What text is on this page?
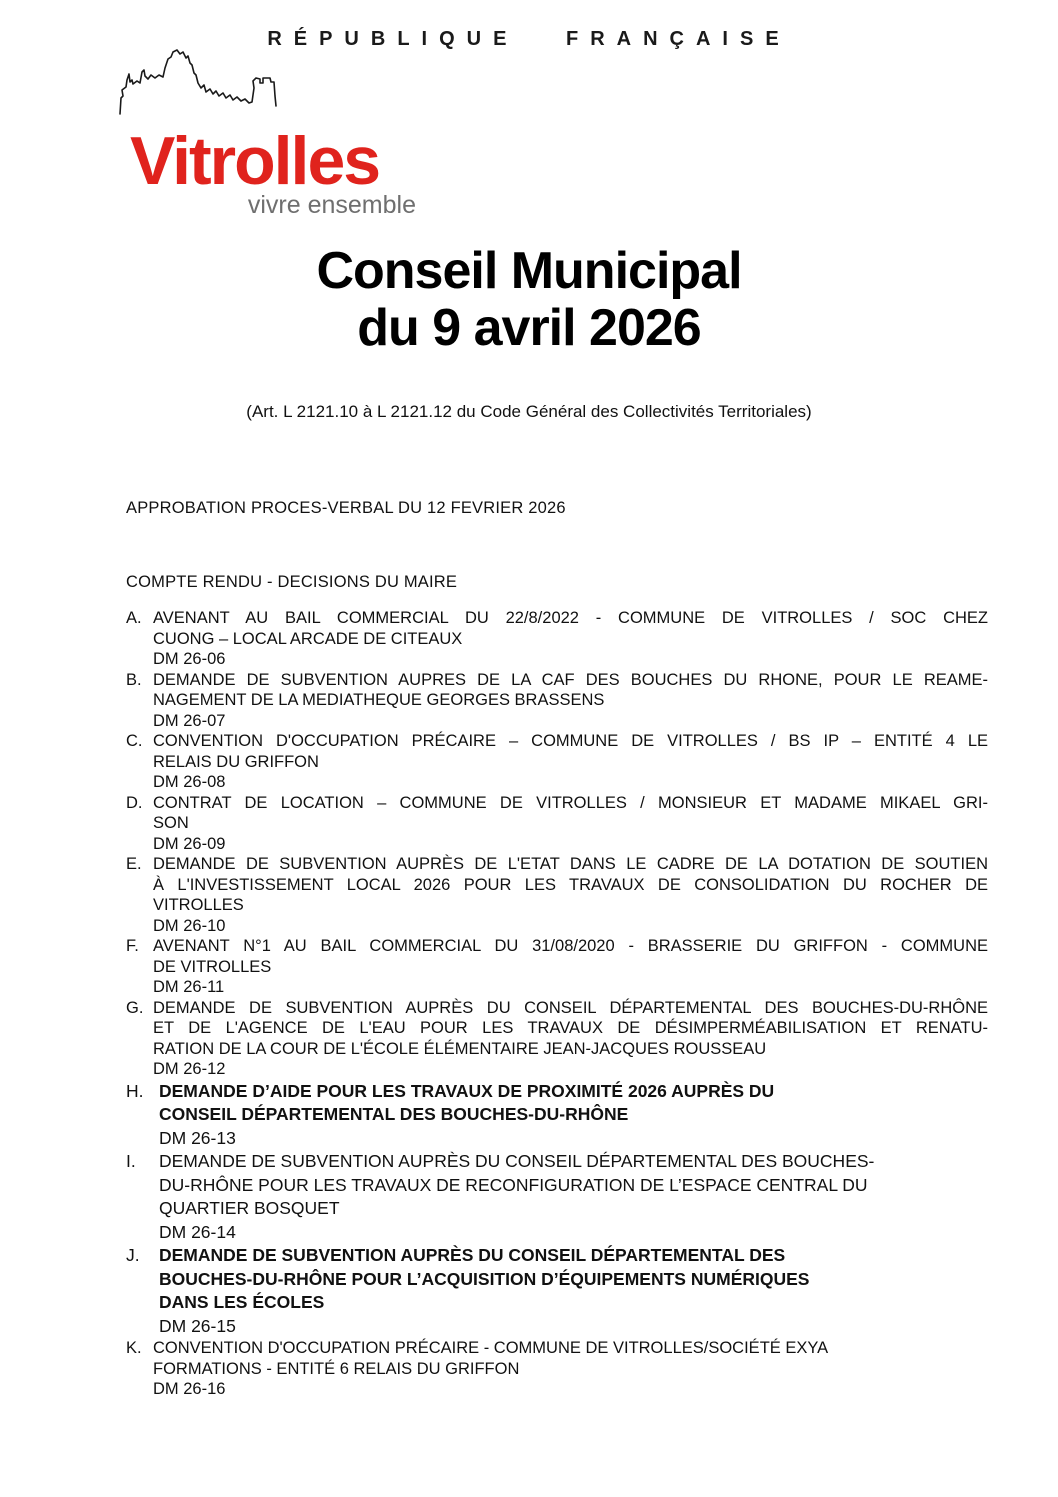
RÉPUBLIQUE FRANÇAISE
Vitrolles
vivre ensemble
Conseil Municipal
du 9 avril 2026
(Art. L 2121.10 à L 2121.12 du Code Général des Collectivités Territoriales)
APPROBATION PROCES-VERBAL DU 12 FEVRIER 2026
COMPTE RENDU - DECISIONS DU MAIRE
A. AVENANT AU BAIL COMMERCIAL DU 22/8/2022 - COMMUNE DE VITROLLES / SOC CHEZ
CUONG – LOCAL ARCADE DE CITEAUX
DM 26-06
B. DEMANDE DE SUBVENTION AUPRES DE LA CAF DES BOUCHES DU RHONE, POUR LE REAME-
NAGEMENT DE LA MEDIATHEQUE GEORGES BRASSENS
DM 26-07
C. CONVENTION D'OCCUPATION PRÉCAIRE – COMMUNE DE VITROLLES / BS IP – ENTITÉ 4 LE
RELAIS DU GRIFFON
DM 26-08
D. CONTRAT DE LOCATION – COMMUNE DE VITROLLES / MONSIEUR ET MADAME MIKAEL GRI-
SON
DM 26-09
E. DEMANDE DE SUBVENTION AUPRÈS DE L'ETAT DANS LE CADRE DE LA DOTATION DE SOUTIEN
À L'INVESTISSEMENT LOCAL 2026 POUR LES TRAVAUX DE CONSOLIDATION DU ROCHER DE
VITROLLES
DM 26-10
F. AVENANT N°1 AU BAIL COMMERCIAL DU 31/08/2020 - BRASSERIE DU GRIFFON - COMMUNE
DE VITROLLES
DM 26-11
G. DEMANDE DE SUBVENTION AUPRÈS DU CONSEIL DÉPARTEMENTAL DES BOUCHES-DU-RHÔNE
ET DE L'AGENCE DE L'EAU POUR LES TRAVAUX DE DÉSIMPERMÉABILISATION ET RENATU-
RATION DE LA COUR DE L'ÉCOLE ÉLÉMENTAIRE JEAN-JACQUES ROUSSEAU
DM 26-12
H. DEMANDE D’AIDE POUR LES TRAVAUX DE PROXIMITÉ 2026 AUPRÈS DU
CONSEIL DÉPARTEMENTAL DES BOUCHES-DU-RHÔNE
DM 26-13
I. DEMANDE DE SUBVENTION AUPRÈS DU CONSEIL DÉPARTEMENTAL DES BOUCHES-
DU-RHÔNE POUR LES TRAVAUX DE RECONFIGURATION DE L’ESPACE CENTRAL DU
QUARTIER BOSQUET
DM 26-14
J. DEMANDE DE SUBVENTION AUPRÈS DU CONSEIL DÉPARTEMENTAL DES
BOUCHES-DU-RHÔNE POUR L’ACQUISITION D’ÉQUIPEMENTS NUMÉRIQUES
DANS LES ÉCOLES
DM 26-15
K. CONVENTION D'OCCUPATION PRÉCAIRE - COMMUNE DE VITROLLES/SOCIÉTÉ EXYA
FORMATIONS - ENTITÉ 6 RELAIS DU GRIFFON
DM 26-16
